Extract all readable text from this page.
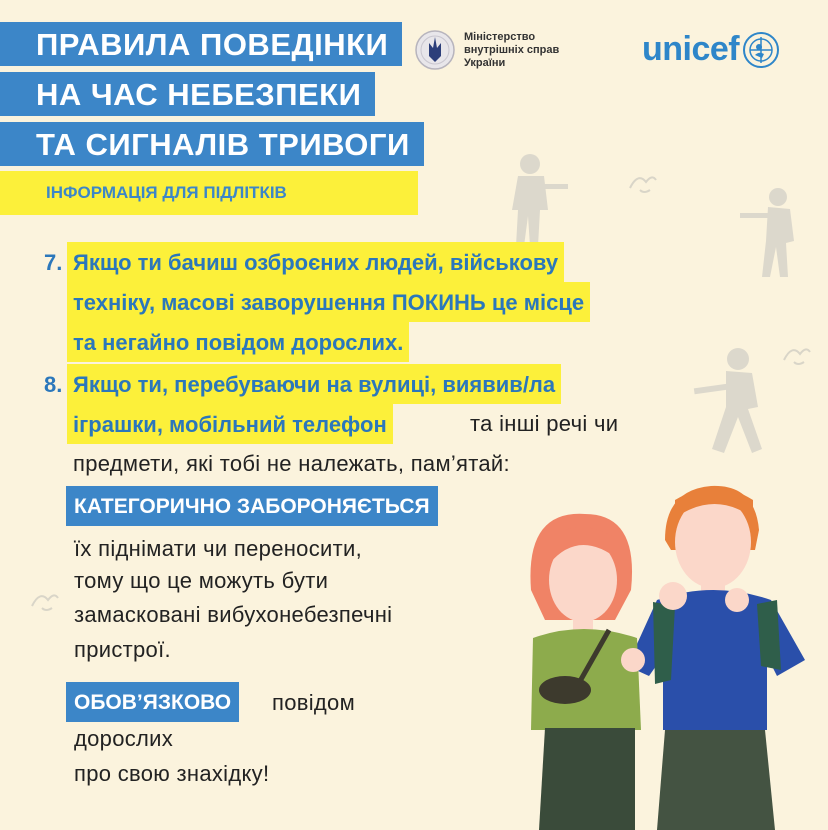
ПРАВИЛА ПОВЕДІНКИ
НА ЧАС НЕБЕЗПЕКИ
ТА СИГНАЛІВ ТРИВОГИ
ІНФОРМАЦІЯ ДЛЯ ПІДЛІТКІВ
Міністерство
внутрішніх справ
України	unicef
7. Якщо ти бачиш озброєних людей, військову
техніку, масові заворушення ПОКИНЬ це місце
та негайно повідом дорослих.
8. Якщо ти, перебуваючи на вулиці, виявив/ла
іграшки, мобільний телефон	та інші речі чи
предмети, які тобі не належать, пам’ятай:
КАТЕГОРИЧНО ЗАБОРОНЯЄТЬСЯ
їх піднімати чи переносити,
тому що це можуть бути
замасковані вибухонебезпечні
пристрої.
ОБОВ’ЯЗКОВО	повідом
дорослих
про свою знахідку!
